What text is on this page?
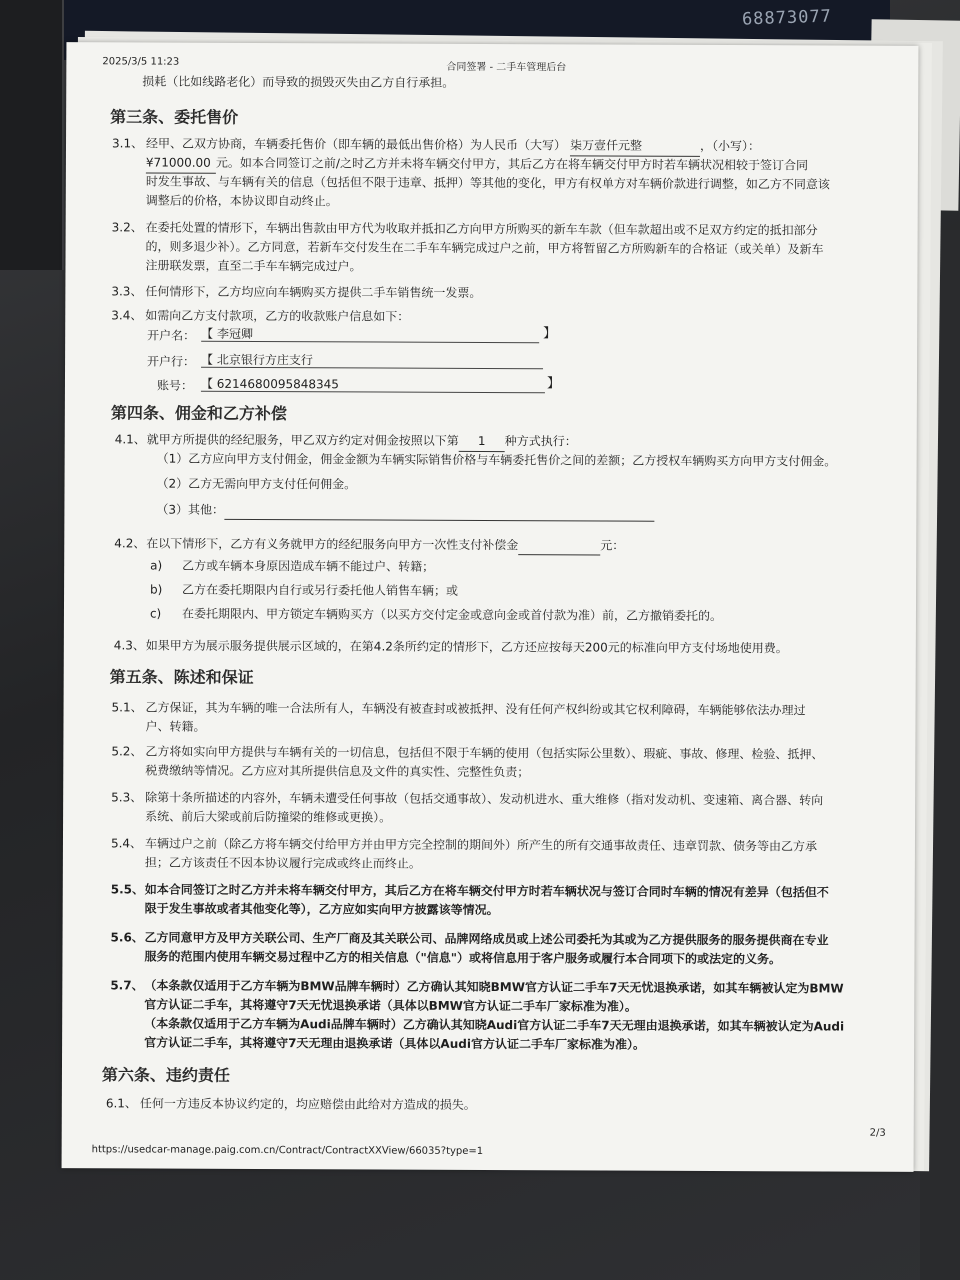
68873077
2025/3/5 11:23	合同签署 - 二手车管理后台
损耗（比如线路老化）而导致的损毁灭失由乙方自行承担。
第三条、委托售价
3.1、 经甲、乙双方协商，车辆委托售价（即车辆的最低出售价格）为人民币（大写） 柒万壹仟元整	，（小写）：
¥71000.00 元。如本合同签订之前/之时乙方并未将车辆交付甲方，其后乙方在将车辆交付甲方时若车辆状况相较于签订合同
时发生事故、与车辆有关的信息（包括但不限于违章、抵押）等其他的变化，甲方有权单方对车辆价款进行调整，如乙方不同意该
调整后的价格，本协议即自动终止。
3.2、 在委托处置的情形下，车辆出售款由甲方代为收取并抵扣乙方向甲方所购买的新车车款（但车款超出或不足双方约定的抵扣部分
的，则多退少补）。乙方同意，若新车交付发生在二手车车辆完成过户之前，甲方将暂留乙方所购新车的合格证（或关单）及新车
注册联发票，直至二手车车辆完成过户。
3.3、 任何情形下，乙方均应向车辆购买方提供二手车销售统一发票。
3.4、 如需向乙方支付款项，乙方的收款账户信息如下：
开户名： 【 李冠卿	】
开户行： 【 北京银行方庄支行
账号： 【 6214680095848345	】
第四条、佣金和乙方补偿
4.1、 就甲方所提供的经纪服务，甲乙双方约定对佣金按照以下第 1 种方式执行：
（1）乙方应向甲方支付佣金，佣金金额为车辆实际销售价格与车辆委托售价之间的差额；乙方授权车辆购买方向甲方支付佣金。
（2）乙方无需向甲方支付任何佣金。
（3）其他：
4.2、 在以下情形下，乙方有义务就甲方的经纪服务向甲方一次性支付补偿金	元：
a) 乙方或车辆本身原因造成车辆不能过户、转籍；
b) 乙方在委托期限内自行或另行委托他人销售车辆；或
c) 在委托期限内、甲方锁定车辆购买方（以买方交付定金或意向金或首付款为准）前，乙方撤销委托的。
4.3、 如果甲方为展示服务提供展示区域的，在第4.2条所约定的情形下，乙方还应按每天200元的标准向甲方支付场地使用费。
第五条、陈述和保证
5.1、 乙方保证，其为车辆的唯一合法所有人，车辆没有被查封或被抵押、没有任何产权纠纷或其它权利障碍，车辆能够依法办理过
户、转籍。
5.2、 乙方将如实向甲方提供与车辆有关的一切信息，包括但不限于车辆的使用（包括实际公里数）、瑕疵、事故、修理、检验、抵押、
税费缴纳等情况。乙方应对其所提供信息及文件的真实性、完整性负责；
5.3、 除第十条所描述的内容外，车辆未遭受任何事故（包括交通事故）、发动机进水、重大维修（指对发动机、变速箱、离合器、转向
系统、前后大梁或前后防撞梁的维修或更换）。
5.4、 车辆过户之前（除乙方将车辆交付给甲方并由甲方完全控制的期间外）所产生的所有交通事故责任、违章罚款、债务等由乙方承
担；乙方该责任不因本协议履行完成或终止而终止。
5.5、 如本合同签订之时乙方并未将车辆交付甲方，其后乙方在将车辆交付甲方时若车辆状况与签订合同时车辆的情况有差异（包括但不
限于发生事故或者其他变化等），乙方应如实向甲方披露该等情况。
5.6、 乙方同意甲方及甲方关联公司、生产厂商及其关联公司、品牌网络成员或上述公司委托为其或为乙方提供服务的服务提供商在专业
服务的范围内使用车辆交易过程中乙方的相关信息（"信息"）或将信息用于客户服务或履行本合同项下的或法定的义务。
5.7、 （本条款仅适用于乙方车辆为BMW品牌车辆时）乙方确认其知晓BMW官方认证二手车7天无忧退换承诺，如其车辆被认定为BMW
官方认证二手车，其将遵守7天无忧退换承诺（具体以BMW官方认证二手车厂家标准为准）。
（本条款仅适用于乙方车辆为Audi品牌车辆时）乙方确认其知晓Audi官方认证二手车7天无理由退换承诺，如其车辆被认定为Audi
官方认证二手车，其将遵守7天无理由退换承诺（具体以Audi官方认证二手车厂家标准为准）。
第六条、违约责任
6.1、 任何一方违反本协议约定的，均应赔偿由此给对方造成的损失。
2/3
https://usedcar-manage.paig.com.cn/Contract/ContractXXView/66035?type=1
